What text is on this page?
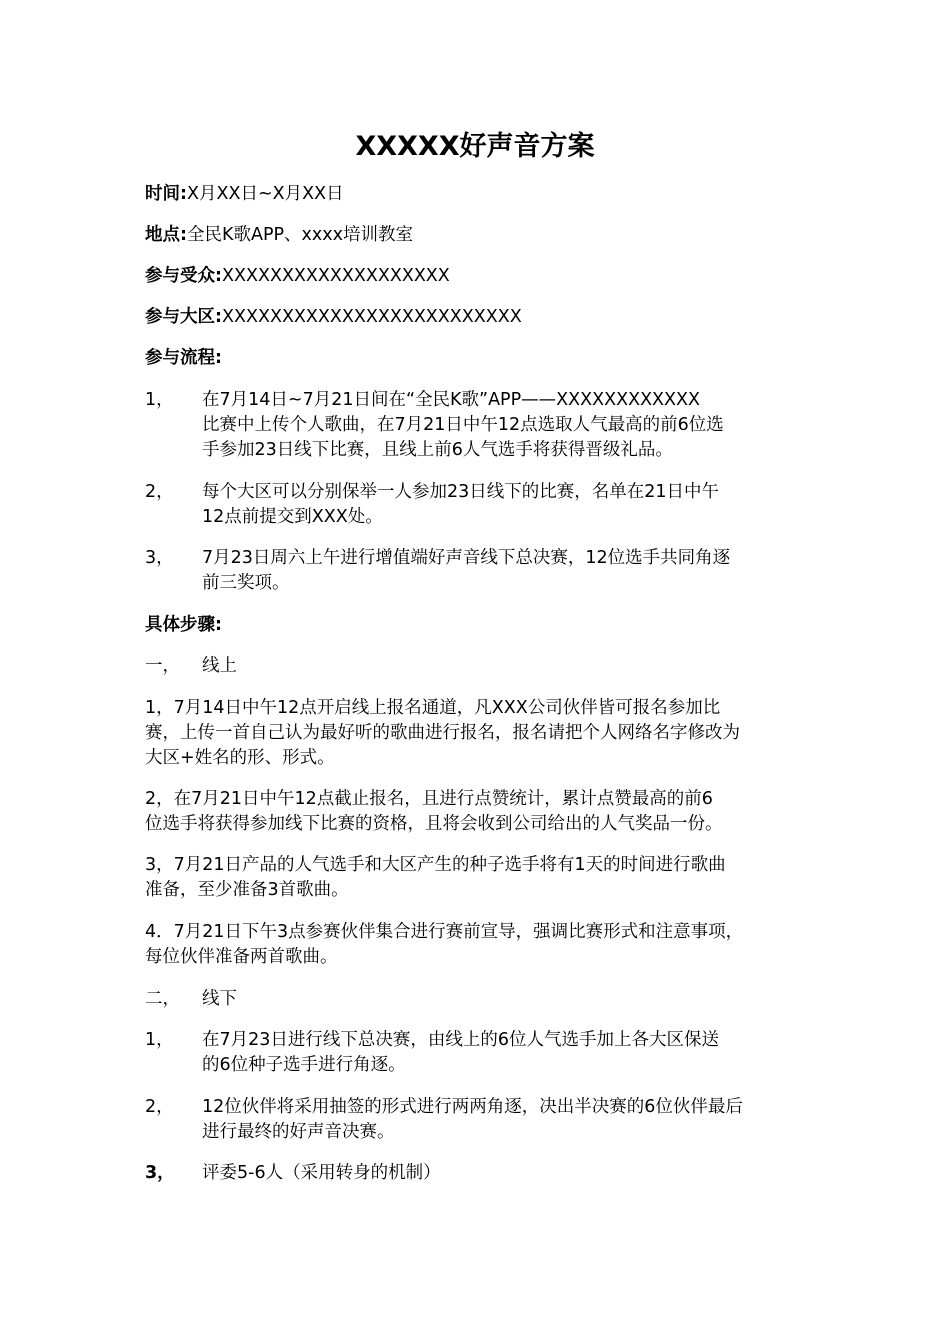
XXXXX好声音方案
时间:X月XX日~X月XX日
地点:全民K歌APP、xxxx培训教室
参与受众:XXXXXXXXXXXXXXXXXXX
参与大区:XXXXXXXXXXXXXXXXXXXXXXXXX
参与流程:
1， 在7月14日~7月21日间在“全民K歌”APP——XXXXXXXXXXXX
比赛中上传个人歌曲，在7月21日中午12点选取人气最高的前6位选
手参加23日线下比赛，且线上前6人气选手将获得晋级礼品。
2， 每个大区可以分别保举一人参加23日线下的比赛，名单在21日中午
12点前提交到XXX处。
3， 7月23日周六上午进行增值端好声音线下总决赛，12位选手共同角逐
前三奖项。
具体步骤:
一， 线上
1，7月14日中午12点开启线上报名通道，凡XXX公司伙伴皆可报名参加比
赛，上传一首自己认为最好听的歌曲进行报名，报名请把个人网络名字修改为
大区+姓名的形、形式。
2，在7月21日中午12点截止报名，且进行点赞统计，累计点赞最高的前6
位选手将获得参加线下比赛的资格，且将会收到公司给出的人气奖品一份。
3，7月21日产品的人气选手和大区产生的种子选手将有1天的时间进行歌曲
准备，至少准备3首歌曲。
4．7月21日下午3点参赛伙伴集合进行赛前宣导，强调比赛形式和注意事项，
每位伙伴准备两首歌曲。
二， 线下
1， 在7月23日进行线下总决赛，由线上的6位人气选手加上各大区保送
的6位种子选手进行角逐。
2， 12位伙伴将采用抽签的形式进行两两角逐，决出半决赛的6位伙伴最后
进行最终的好声音决赛。
3， 评委5-6人（采用转身的机制）
